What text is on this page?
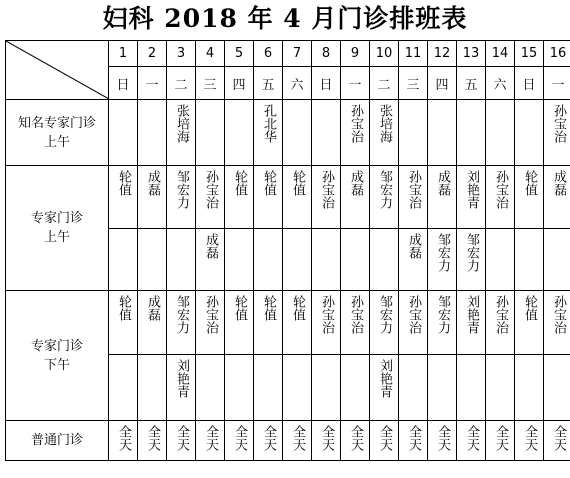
妇科 2018 年 4 月门诊排班表
	1	2	3	4	5	6	7	8	9	10	11	12	13	14	15	16
	日	一	二	三	四	五	六	日	一	二	三	四	五	六	日	一

知名专家门诊
上午			张培海			孔北华			孙宝治	张培海						孙宝治

专家门诊
上午	轮值	成磊	邹宏力	孙宝治	轮值	轮值	轮值	孙宝治	成磊	邹宏力	孙宝治	成磊	刘艳青	孙宝治	轮值	成磊
				成磊							成磊	邹宏力	邹宏力			

专家门诊
下午	轮值	成磊	邹宏力	孙宝治	轮值	轮值	轮值	孙宝治	孙宝治	邹宏力	孙宝治	邹宏力	刘艳青	孙宝治	轮值	孙宝治
			刘艳青							刘艳青						

普通门诊	全天	全天	全天	全天	全天	全天	全天	全天	全天	全天	全天	全天	全天	全天	全天	全天
